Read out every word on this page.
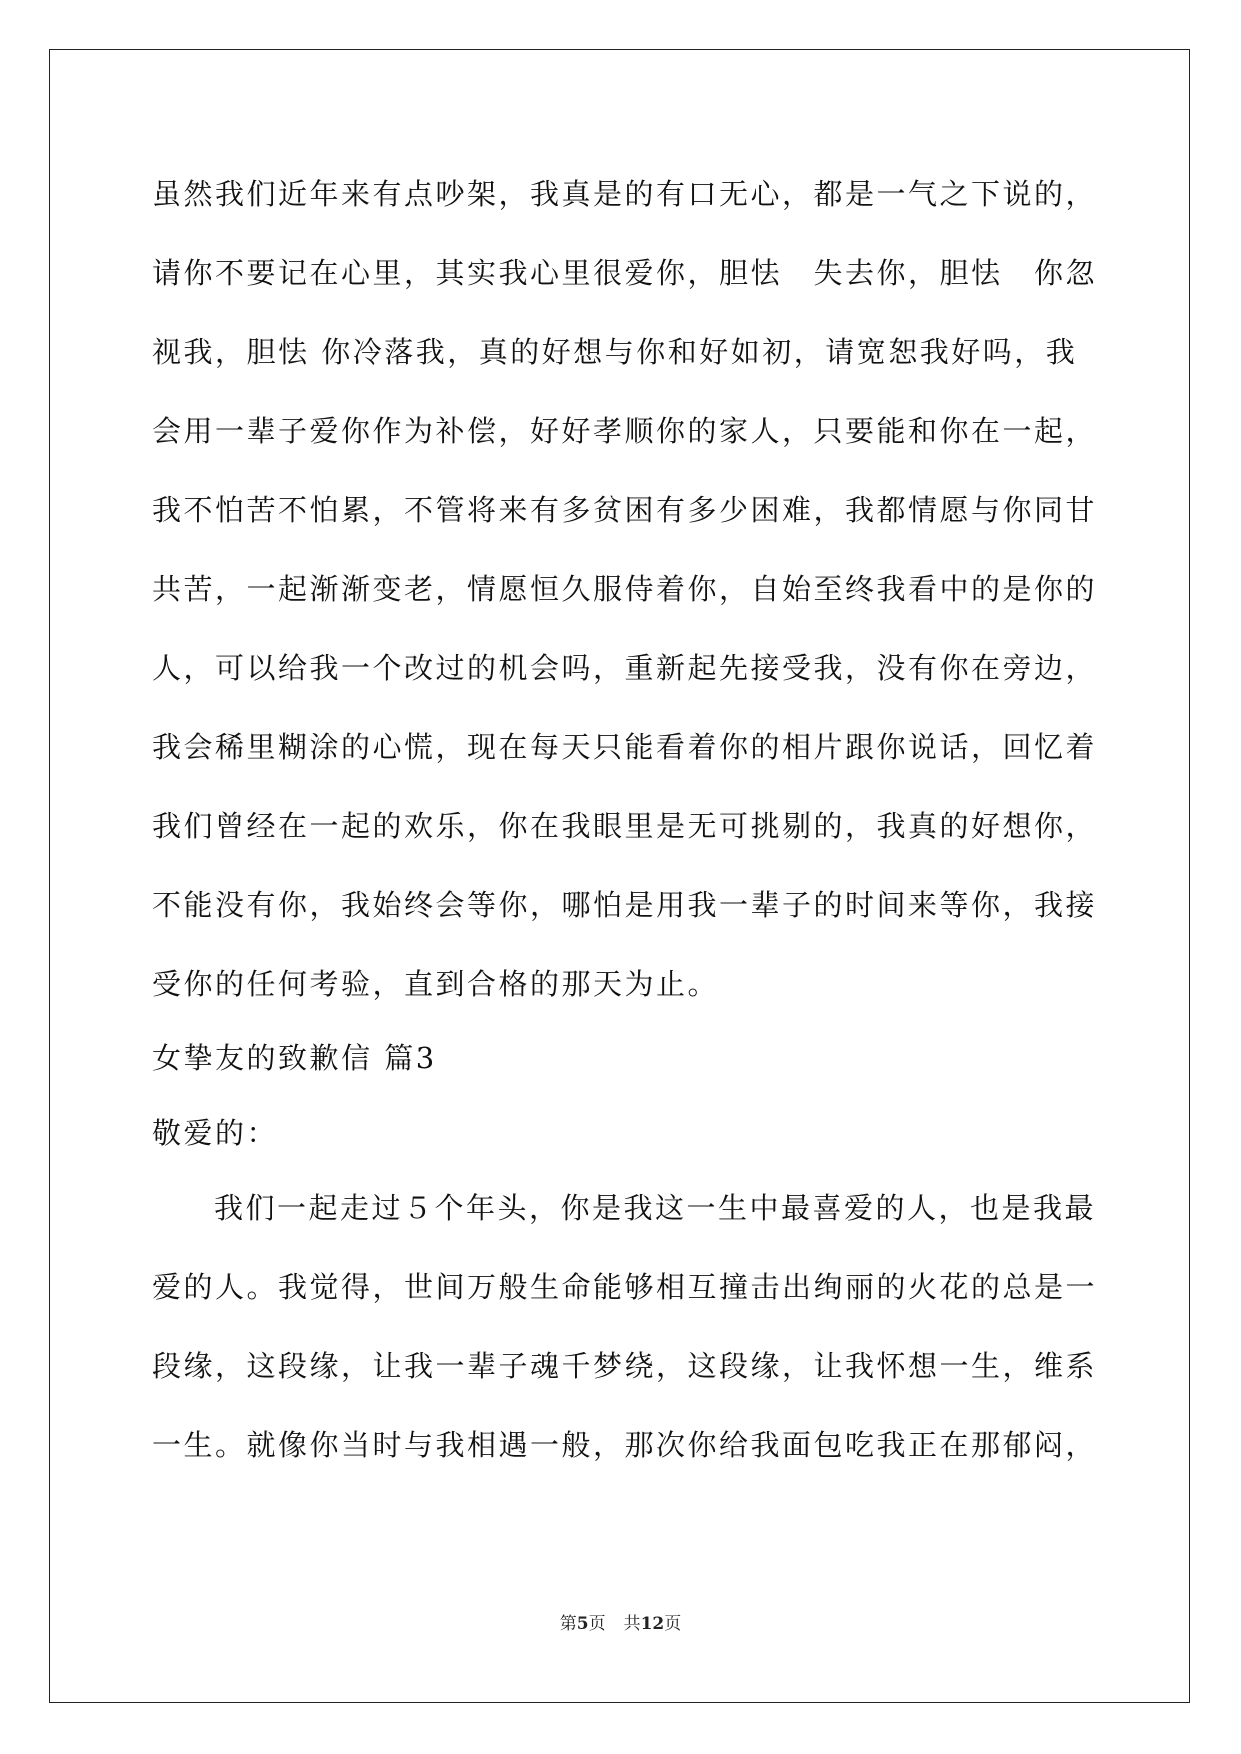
虽然我们近年来有点吵架，我真是的有口无心，都是一气之下说的，
请你不要记在心里，其实我心里很爱你，胆怯　失去你，胆怯　你忽
视我，胆怯 你冷落我，真的好想与你和好如初，请宽恕我好吗，我
会用一辈子爱你作为补偿，好好孝顺你的家人，只要能和你在一起，
我不怕苦不怕累，不管将来有多贫困有多少困难，我都情愿与你同甘
共苦，一起渐渐变老，情愿恒久服侍着你，自始至终我看中的是你的
人，可以给我一个改过的机会吗，重新起先接受我，没有你在旁边，
我会稀里糊涂的心慌，现在每天只能看着你的相片跟你说话，回忆着
我们曾经在一起的欢乐，你在我眼里是无可挑剔的，我真的好想你，
不能没有你，我始终会等你，哪怕是用我一辈子的时间来等你，我接
受你的任何考验，直到合格的那天为止。
女挚友的致歉信 篇3
敬爱的：
我们一起走过５个年头，你是我这一生中最喜爱的人，也是我最
爱的人。我觉得，世间万般生命能够相互撞击出绚丽的火花的总是一
段缘，这段缘，让我一辈子魂千梦绕，这段缘，让我怀想一生，维系
一生。就像你当时与我相遇一般，那次你给我面包吃我正在那郁闷，
第5页 共12页
